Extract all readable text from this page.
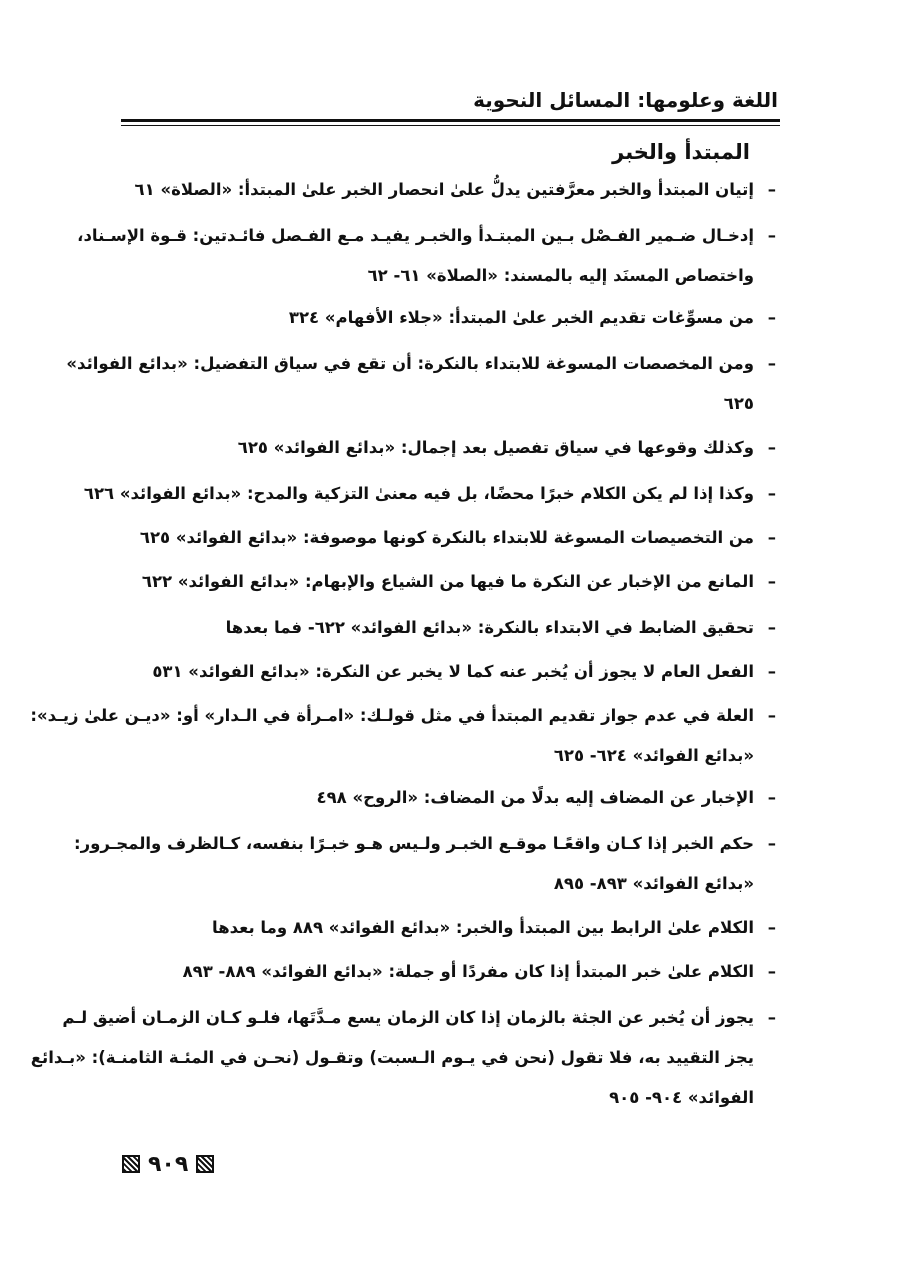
اللغة وعلومها: المسائل النحوية
المبتدأ والخبر
–
إتيان المبتدأ والخبر معرَّفتين يدلُّ علىٰ انحصار الخبر علىٰ المبتدأ: «الصلاة» ٦١
–
إدخـال ضـمير الفـصْل بـين المبتـدأ والخبـر يفيـد مـع الفـصل فائـدتين: قـوة الإسـناد،
واختصاص المسنَد إليه بالمسند: «الصلاة» ٦١- ٦٢
–
من مسوِّغات تقديم الخبر علىٰ المبتدأ: «جلاء الأفهام» ٣٢٤
–
ومن المخصصات المسوغة للابتداء بالنكرة: أن تقع في سياق التفضيل: «بدائع الفوائد»
٦٢٥
–
وكذلك وقوعها في سياق تفصيل بعد إجمال: «بدائع الفوائد» ٦٢٥
–
وكذا إذا لم يكن الكلام خبرًا محضًا، بل فيه معنىٰ التزكية والمدح: «بدائع الفوائد» ٦٢٦
–
من التخصيصات المسوغة للابتداء بالنكرة كونها موصوفة: «بدائع الفوائد» ٦٢٥
–
المانع من الإخبار عن النكرة ما فيها من الشياع والإبهام: «بدائع الفوائد» ٦٢٢
–
تحقيق الضابط في الابتداء بالنكرة: «بدائع الفوائد» ٦٢٢- فما بعدها
–
الفعل العام لا يجوز أن يُخبر عنه كما لا يخبر عن النكرة: «بدائع الفوائد» ٥٣١
–
العلة في عدم جواز تقديم المبتدأ في مثل قولـك: «امـرأة في الـدار» أو: «ديـن علىٰ زيـد»:
«بدائع الفوائد» ٦٢٤- ٦٢٥
–
الإخبار عن المضاف إليه بدلًا من المضاف: «الروح» ٤٩٨
–
حكم الخبر إذا كـان واقعًـا موقـع الخبـر ولـيس هـو خبـرًا بنفسه، كـالظرف والمجـرور:
«بدائع الفوائد» ٨٩٣- ٨٩٥
–
الكلام علىٰ الرابط بين المبتدأ والخبر: «بدائع الفوائد» ٨٨٩ وما بعدها
–
الكلام علىٰ خبر المبتدأ إذا كان مفردًا أو جملة: «بدائع الفوائد» ٨٨٩- ٨٩٣
–
يجوز أن يُخبر عن الجثة بالزمان إذا كان الزمان يسع مـدَّتَها، فلـو كـان الزمـان أضيق لـم
يجز التقييد به، فلا تقول (نحن في يـوم الـسبت) وتقـول (نحـن في المئـة الثامنـة): «بـدائع
الفوائد» ٩٠٤- ٩٠٥
٩٠٩
